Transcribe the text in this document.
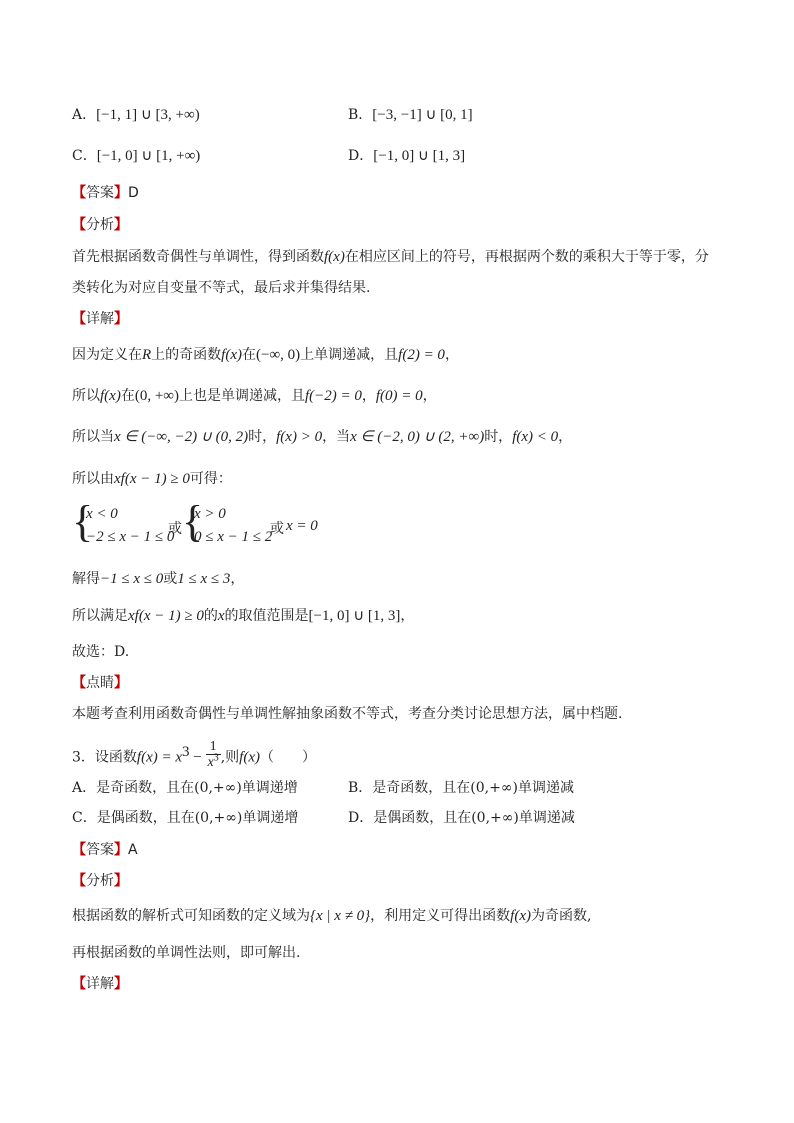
A．[−1, 1] ∪ [3, +∞)	B．[−3, −1] ∪ [0, 1]
C．[−1, 0] ∪ [1, +∞)	D．[−1, 0] ∪ [1, 3]
【答案】D
【分析】
首先根据函数奇偶性与单调性，得到函数f(x)在相应区间上的符号，再根据两个数的乘积大于等于零，分
类转化为对应自变量不等式，最后求并集得结果.
【详解】
因为定义在R上的奇函数f(x)在(−∞, 0)上单调递减，且f(2) = 0，
所以f(x)在(0, +∞)上也是单调递减，且f(−2) = 0，f(0) = 0，
所以当x ∈ (−∞, −2) ∪ (0, 2)时，f(x) > 0，当x ∈ (−2, 0) ∪ (2, +∞)时，f(x) < 0，
所以由xf(x − 1) ≥ 0可得：
{
x < 0
−2 ≤ x − 1 ≤ 0
或 {
x > 0
0 ≤ x − 1 ≤ 2
或 x = 0
解得−1 ≤ x ≤ 0或1 ≤ x ≤ 3，
所以满足xf(x − 1) ≥ 0的x的取值范围是[−1, 0] ∪ [1, 3]，
故选：D.
【点睛】
本题考查利用函数奇偶性与单调性解抽象函数不等式，考查分类讨论思想方法，属中档题.
3．设函数$f(x) = x^3 - \frac{1}{x^3}$ ,则f(x)（　　）
A．是奇函数，且在(0,+∞)单调递增	B．是奇函数，且在(0,+∞)单调递减
C．是偶函数，且在(0,+∞)单调递增	D．是偶函数，且在(0,+∞)单调递减
【答案】A
【分析】
根据函数的解析式可知函数的定义域为{x | x ≠ 0}，利用定义可得出函数f(x)为奇函数,
再根据函数的单调性法则，即可解出.
【详解】
